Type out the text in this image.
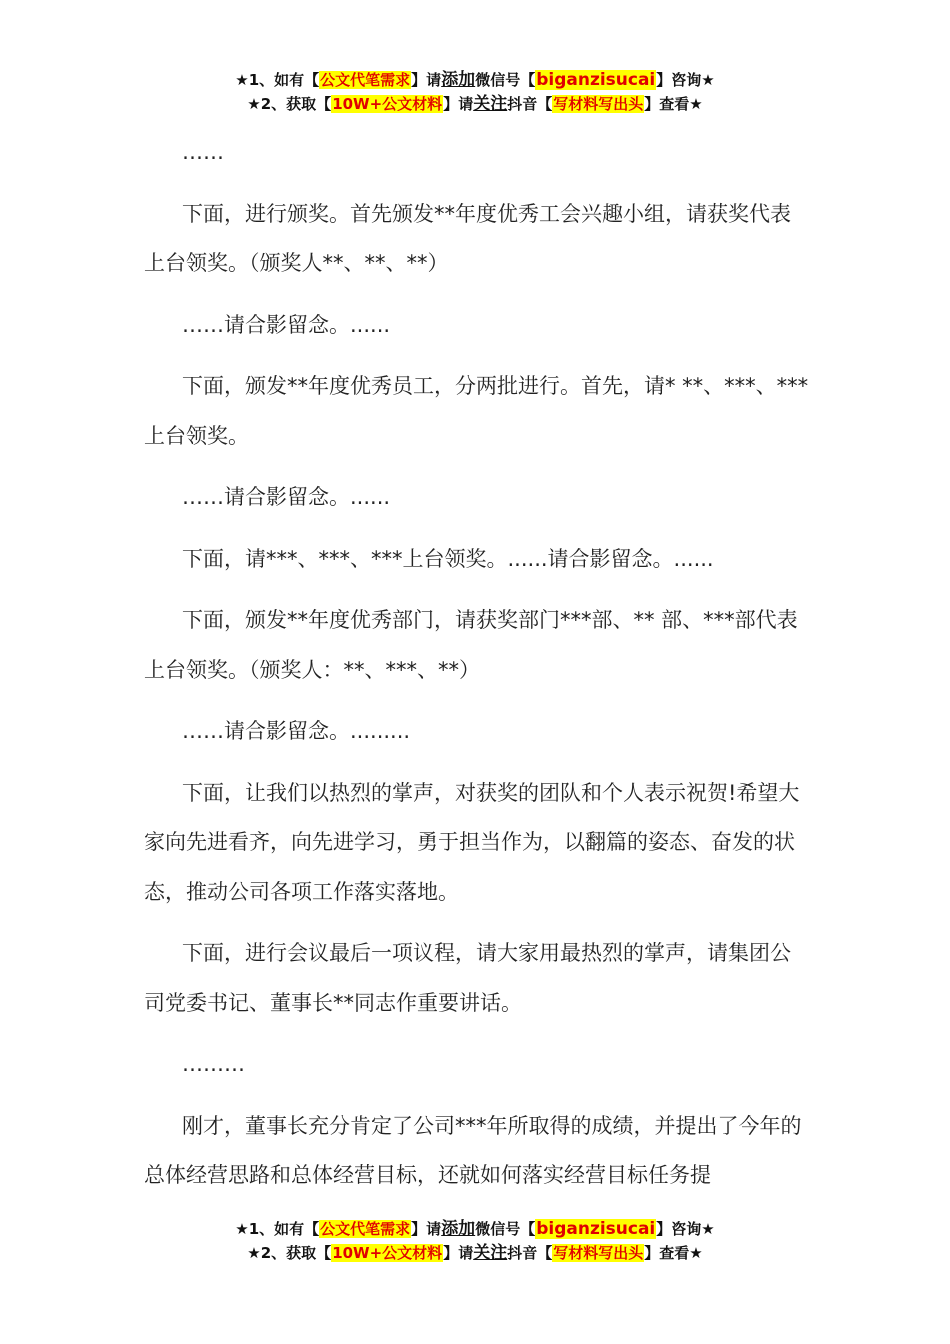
★1、如有【公文代笔需求】请添加微信号【biganzisucai】咨询★
★2、获取【10W+公文材料】请关注抖音【写材料写出头】查看★

……

下面，进行颁奖。首先颁发**年度优秀工会兴趣小组，请获奖代表上台领奖。（颁奖人**、**、**）

……请合影留念。......

下面，颁发**年度优秀员工，分两批进行。首先，请* **、***、***上台领奖。

……请合影留念。......

下面，请***、***、***上台领奖。......请合影留念。......

下面，颁发**年度优秀部门，请获奖部门***部、** 部、***部代表上台领奖。（颁奖人：**、***、**）

……请合影留念。.........

下面，让我们以热烈的掌声，对获奖的团队和个人表示祝贺!希望大家向先进看齐，向先进学习，勇于担当作为，以翻篇的姿态、奋发的状态，推动公司各项工作落实落地。

下面，进行会议最后一项议程，请大家用最热烈的掌声，请集团公司党委书记、董事长**同志作重要讲话。

………

刚才，董事长充分肯定了公司***年所取得的成绩，并提出了今年的总体经营思路和总体经营目标，还就如何落实经营目标任务提

★1、如有【公文代笔需求】请添加微信号【biganzisucai】咨询★
★2、获取【10W+公文材料】请关注抖音【写材料写出头】查看★
